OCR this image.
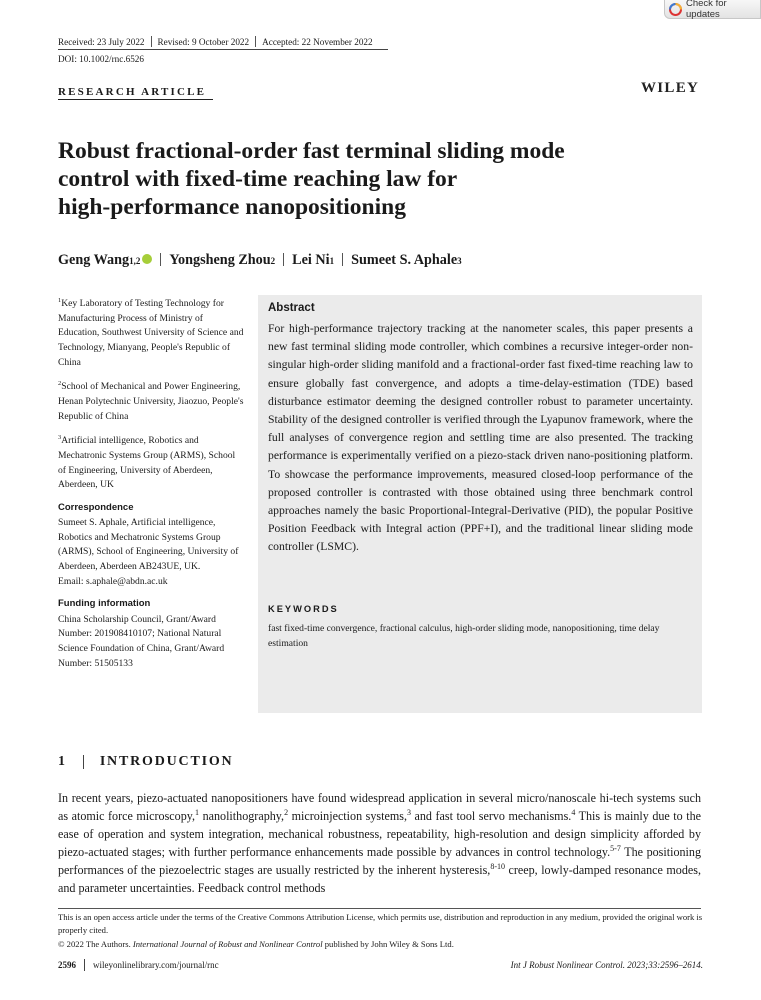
Check for updates
Received: 23 July 2022 Revised: 9 October 2022 Accepted: 22 November 2022
DOI: 10.1002/rnc.6526
RESEARCH ARTICLE	WILEY
Robust fractional-order fast terminal sliding mode
control with fixed-time reaching law for
high-performance nanopositioning
Geng Wang 1,2 Yongsheng Zhou 2 Lei Ni 1 Sumeet S. Aphale 3

$^1$Key Laboratory of Testing Technology for Manufacturing Process of Ministry of Education, Southwest University of Science and Technology, Mianyang, People's Republic of China

$^2$School of Mechanical and Power Engineering, Henan Polytechnic University, Jiaozuo, People's Republic of China

$^3$Artificial intelligence, Robotics and Mechatronic Systems Group (ARMS), School of Engineering, University of Aberdeen, Aberdeen, UK

Correspondence

Sumeet S. Aphale, Artificial intelligence, Robotics and Mechatronic Systems Group (ARMS), School of Engineering, University of Aberdeen, Aberdeen AB243UE, UK.
Email: s.aphale@abdn.ac.uk

Funding information

China Scholarship Council, Grant/Award Number: 201908410107; National Natural Science Foundation of China, Grant/Award Number: 51505133

Abstract
For high-performance trajectory tracking at the nanometer scales, this paper presents a new fast terminal sliding mode controller, which combines a recursive integer-order non-singular high-order sliding manifold and a fractional-order fast fixed-time reaching law to ensure globally fast convergence, and adopts a time-delay-estimation (TDE) based disturbance estimator deeming the designed controller robust to parameter uncertainty. Stability of the designed controller is verified through the Lyapunov framework, where the full analyses of convergence region and settling time are also presented. The tracking performance is experimentally verified on a piezo-stack driven nano-positioning platform. To showcase the performance improvements, measured closed-loop performance of the proposed controller is contrasted with those obtained using three benchmark control approaches namely the basic Proportional-Integral-Derivative (PID), the popular Positive Position Feedback with Integral action (PPF+I), and the traditional linear sliding mode controller (LSMC).
KEYWORDS
fast fixed-time convergence, fractional calculus, high-order sliding mode, nanopositioning, time delay estimation
1 INTRODUCTION
In recent years, piezo-actuated nanopositioners have found widespread application in several micro/nanoscale hi-tech systems such as atomic force microscopy,$^1$ nanolithography,$^2$ microinjection systems,$^3$ and fast tool servo mechanisms.$^4$ This is mainly due to the ease of operation and system integration, mechanical robustness, repeatability, high-resolution and design simplicity afforded by piezo-actuated stages; with further performance enhancements made possible by advances in control technology.$^{5-7}$ The positioning performances of the piezoelectric stages are usually restricted by the inherent hysteresis,$^{8-10}$ creep, lowly-damped resonance modes, and parameter uncertainties. Feedback control methods
This is an open access article under the terms of the Creative Commons Attribution License, which permits use, distribution and reproduction in any medium, provided the original work is properly cited.
© 2022 The Authors. International Journal of Robust and Nonlinear Control published by John Wiley & Sons Ltd.
2596 wileyonlinelibrary.com/journal/rnc	Int J Robust Nonlinear Control. 2023;33:2596–2614.
